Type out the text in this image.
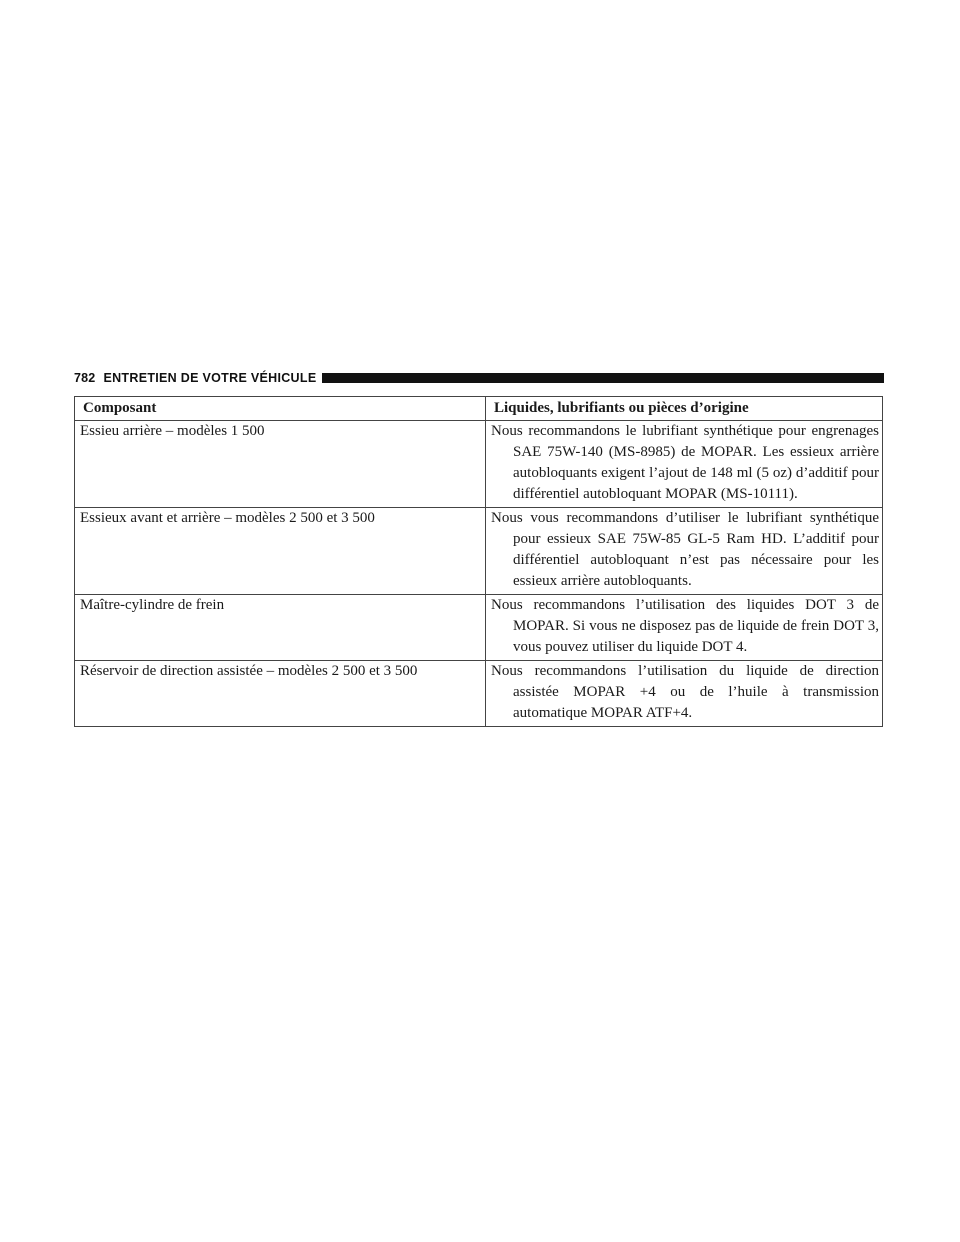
782 ENTRETIEN DE VOTRE VÉHICULE
Composant	Liquides, lubrifiants ou pièces d’origine
Essieu arrière – modèles 1 500	Nous recommandons le lubrifiant synthétique pour engrenages SAE 75W-140 (MS-8985) de MOPAR. Les essieux arrière autobloquants exigent l’ajout de 148 ml (5 oz) d’additif pour différentiel autobloquant MOPAR (MS-10111).

Essieux avant et arrière – modèles 2 500 et 3 500	Nous vous recommandons d’utiliser le lubrifiant synthétique pour essieux SAE 75W-85 GL-5 Ram HD. L’additif pour différentiel autobloquant n’est pas nécessaire pour les essieux arrière autobloquants.

Maître-cylindre de frein	Nous recommandons l’utilisation des liquides DOT 3 de MOPAR. Si vous ne disposez pas de liquide de frein DOT 3, vous pouvez utiliser du liquide DOT 4.

Réservoir de direction assistée – modèles 2 500 et 3 500	Nous recommandons l’utilisation du liquide de direction assistée MOPAR +4 ou de l’huile à transmission automatique MOPAR ATF+4.
